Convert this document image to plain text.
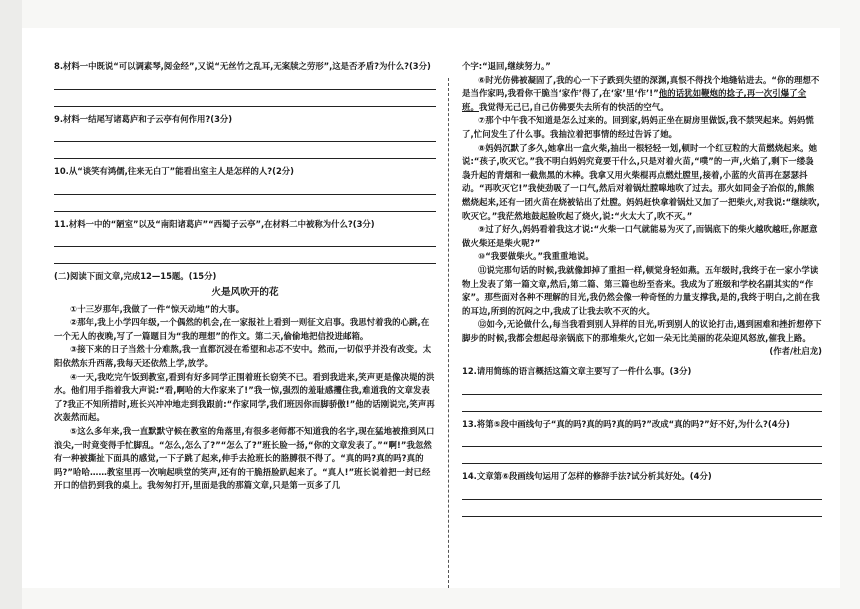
8.材料一中既说“可以调素琴,阅金经”,又说“无丝竹之乱耳,无案牍之劳形”,这是否矛盾?为什么?(3分)

9.材料一结尾写诸葛庐和子云亭有何作用?(3分)

10.从“谈笑有鸿儒,往来无白丁”能看出室主人是怎样的人?(2分)

11.材料一中的“陋室”以及“南阳诸葛庐”“西蜀子云亭”,在材料二中被称为什么?(3分)

(二)阅读下面文章,完成12—15题。(15分)

火是风吹开的花

①十三岁那年,我做了一件“惊天动地”的大事。

②那年,我上小学四年级,一个偶然的机会,在一家报社上看到一则征文启事。我思忖着我的心跳,在一个无人的夜晚,写了一篇题目为“我的理想”的作文。第二天,偷偷地把信投进邮箱。

③接下来的日子当然十分难熬,我一直都沉浸在希望和忐忑不安中。然而,一切似乎并没有改变。太阳依然东升西落,我每天还依然上学,放学。

④一天,我吃完午饭到教室,看到有好多同学正围着班长窃笑不已。看到我进来,笑声更是像决堤的洪水。他们用手指着我大声说:“看,啊哈的大作家来了!”我一惊,强烈的羞耻感攫住我,难道我的文章发表了?我正不知所措时,班长兴冲冲地走到我跟前:“作家同学,我们班因你而脚骄傲!”他的话刚说完,笑声再次轰然而起。

⑤这么多年来,我一直默默守候在教室的角落里,有很多老师都不知道我的名字,现在猛地被推到风口浪尖,一时竟变得手忙脚乱。“怎么,怎么了?”“怎么了?”班长脸一扬,“你的文章发表了。”“啊!”我忽然有一种被撕扯下面具的感觉,一下子跳了起来,伸手去抢班长的胳膊很不得了。“真的吗?真的吗?真的吗?”哈哈……教室里再一次响起哄堂的笑声,还有的干脆捂脸趴起来了。“真人!”班长说着把一封已经开口的信扔到我的桌上。我匆匆打开,里面是我的那篇文章,只是第一页多了几

个字:“退回,继续努力。”

⑥时光仿佛被凝固了,我的心一下子跌到失望的深渊,真恨不得找个地缝钻进去。“你的理想不是当作家吗,我看你干脆当‘家作’得了,在‘家’里‘作’!”他的话犹如鞭炮的捻子,再一次引爆了全班。我觉得无己已,自己仿佛要失去所有的快活的空气。

⑦那个中午我不知道是怎么过来的。回到家,妈妈正坐在厨房里做饭,我不禁哭起来。妈妈慌了,忙问发生了什么事。我抽泣着把事情的经过告诉了她。

⑧妈妈沉默了多久,她拿出一盒火柴,抽出一根轻轻一划,顿时一个红豆粒的大苗燃烧起来。她说:“孩子,吹灭它。”我不明白妈妈究竟要干什么,只是对着火苗,“噗”的一声,火焰了,剩下一缕袅袅升起的青烟和一截焦黑的木棒。我拿又用火柴棍再点燃灶膛里,接着,小蓝的火苗再在瑟瑟抖动。“再吹灭它!”我使劲吸了一口气,然后对着锅灶膛嗥地吹了过去。那火如同金子冶似的,熊熊燃烧起来,还有一团火苗在烧被钻出了灶膛。妈妈赶快拿着锅灶又加了一把柴火,对我说:“继续吹,吹灭它。”我茫然地鼓起脸吹起了烧火,说:“火太大了,吹不灭。”

⑨过了好久,妈妈看着我这才说:“火柴一口气就能易为灭了,而锅底下的柴火越吹越旺,你愿意做火柴还是柴火呢?”

⑩“我要做柴火。”我重重地说。

⑪说完那句话的时候,我就像卸掉了重担一样,顿觉身轻如燕。五年级时,我终于在一家小学读物上发表了第一篇文章,然后,第二篇、第三篇也纷至沓来。我成为了班级和学校名副其实的“作家”。那些面对各种不理解的目光,我仍然会像一种奇怪的力量支撑我,是的,我终于明白,之前在我的耳边,所到的沉闷之中,我成了让我去吹不灭的火。

⑫如今,无论做什么,每当我看到别人异样的目光,听到别人的议论打击,遇到困难和挫折想停下脚步的时候,我都会想起母亲锅底下的那堆柴火,它如一朵无比美丽的花朵迎风怒放,催我上路。

(作者/杜启龙)

12.请用简练的语言概括这篇文章主要写了一件什么事。(3分)

13.将第⑤段中画线句子“真的吗?真的吗?真的吗?”改成“真的吗?”好不好,为什么?(4分)

14.文章第⑥段画线句运用了怎样的修辞手法?试分析其好处。(4分)
